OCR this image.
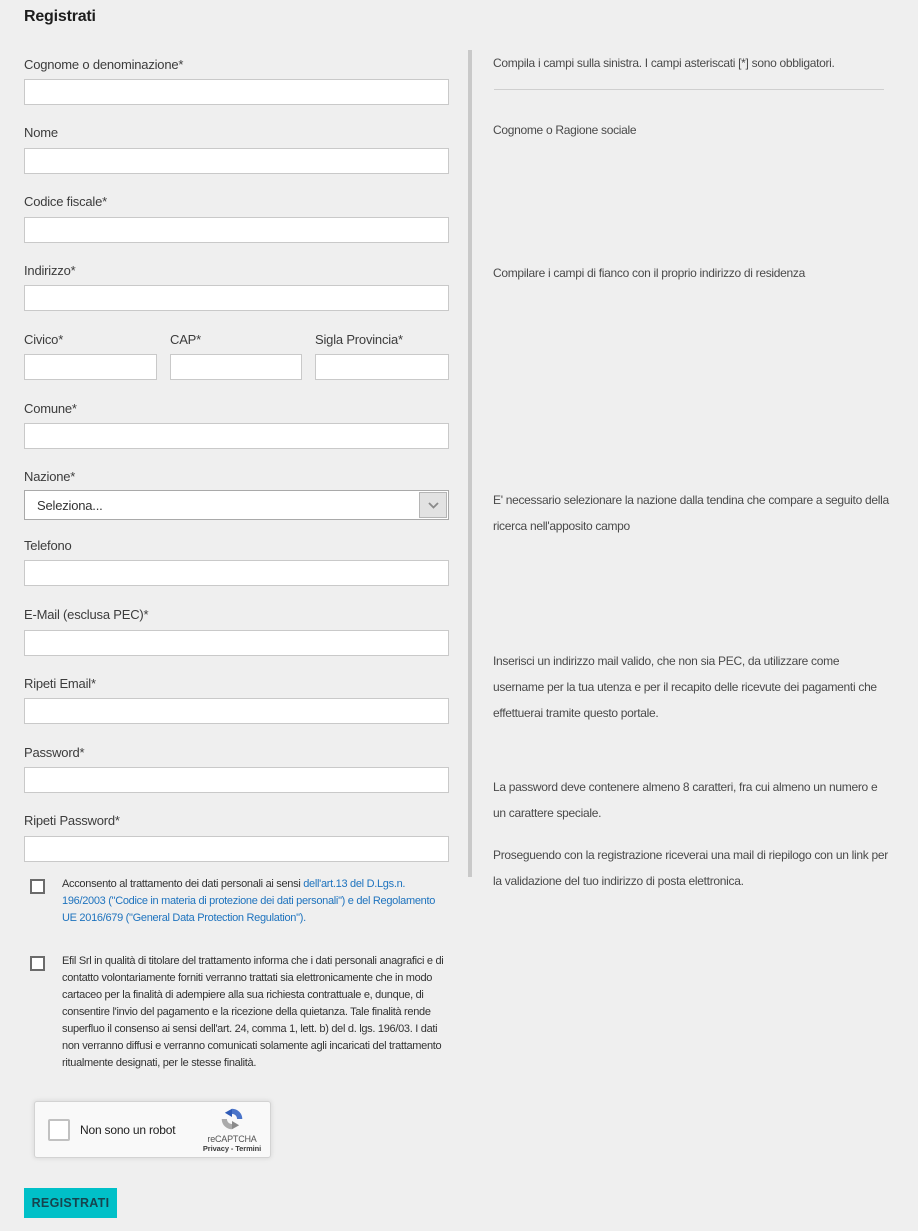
Registrati
Cognome o denominazione*
Nome
Codice fiscale*
Indirizzo*
Civico*	CAP*	Sigla Provincia*
Comune*
Nazione*
Seleziona...
Telefono
E-Mail (esclusa PEC)*
Ripeti Email*
Password*
Ripeti Password*
Acconsento al trattamento dei dati personali ai sensi dell'art.13 del D.Lgs.n. 196/2003 ("Codice in materia di protezione dei dati personali") e del Regolamento UE 2016/679 ("General Data Protection Regulation").
Efil Srl in qualità di titolare del trattamento informa che i dati personali anagrafici e di contatto volontariamente forniti verranno trattati sia elettronicamente che in modo cartaceo per la finalità di adempiere alla sua richiesta contrattuale e, dunque, di consentire l'invio del pagamento e la ricezione della quietanza. Tale finalità rende superfluo il consenso ai sensi dell'art. 24, comma 1, lett. b) del d. lgs. 196/03. I dati non verranno diffusi e verranno comunicati solamente agli incaricati del trattamento ritualmente designati, per le stesse finalità.
Non sono un robot
reCAPTCHA
Privacy - Termini
REGISTRATI
Compila i campi sulla sinistra. I campi asteriscati [*] sono obbligatori.
Cognome o Ragione sociale
Compilare i campi di fianco con il proprio indirizzo di residenza
E' necessario selezionare la nazione dalla tendina che compare a seguito della ricerca nell'apposito campo
Inserisci un indirizzo mail valido, che non sia PEC, da utilizzare come username per la tua utenza e per il recapito delle ricevute dei pagamenti che effettuerai tramite questo portale.
La password deve contenere almeno 8 caratteri, fra cui almeno un numero e un carattere speciale.
Proseguendo con la registrazione riceverai una mail di riepilogo con un link per la validazione del tuo indirizzo di posta elettronica.
